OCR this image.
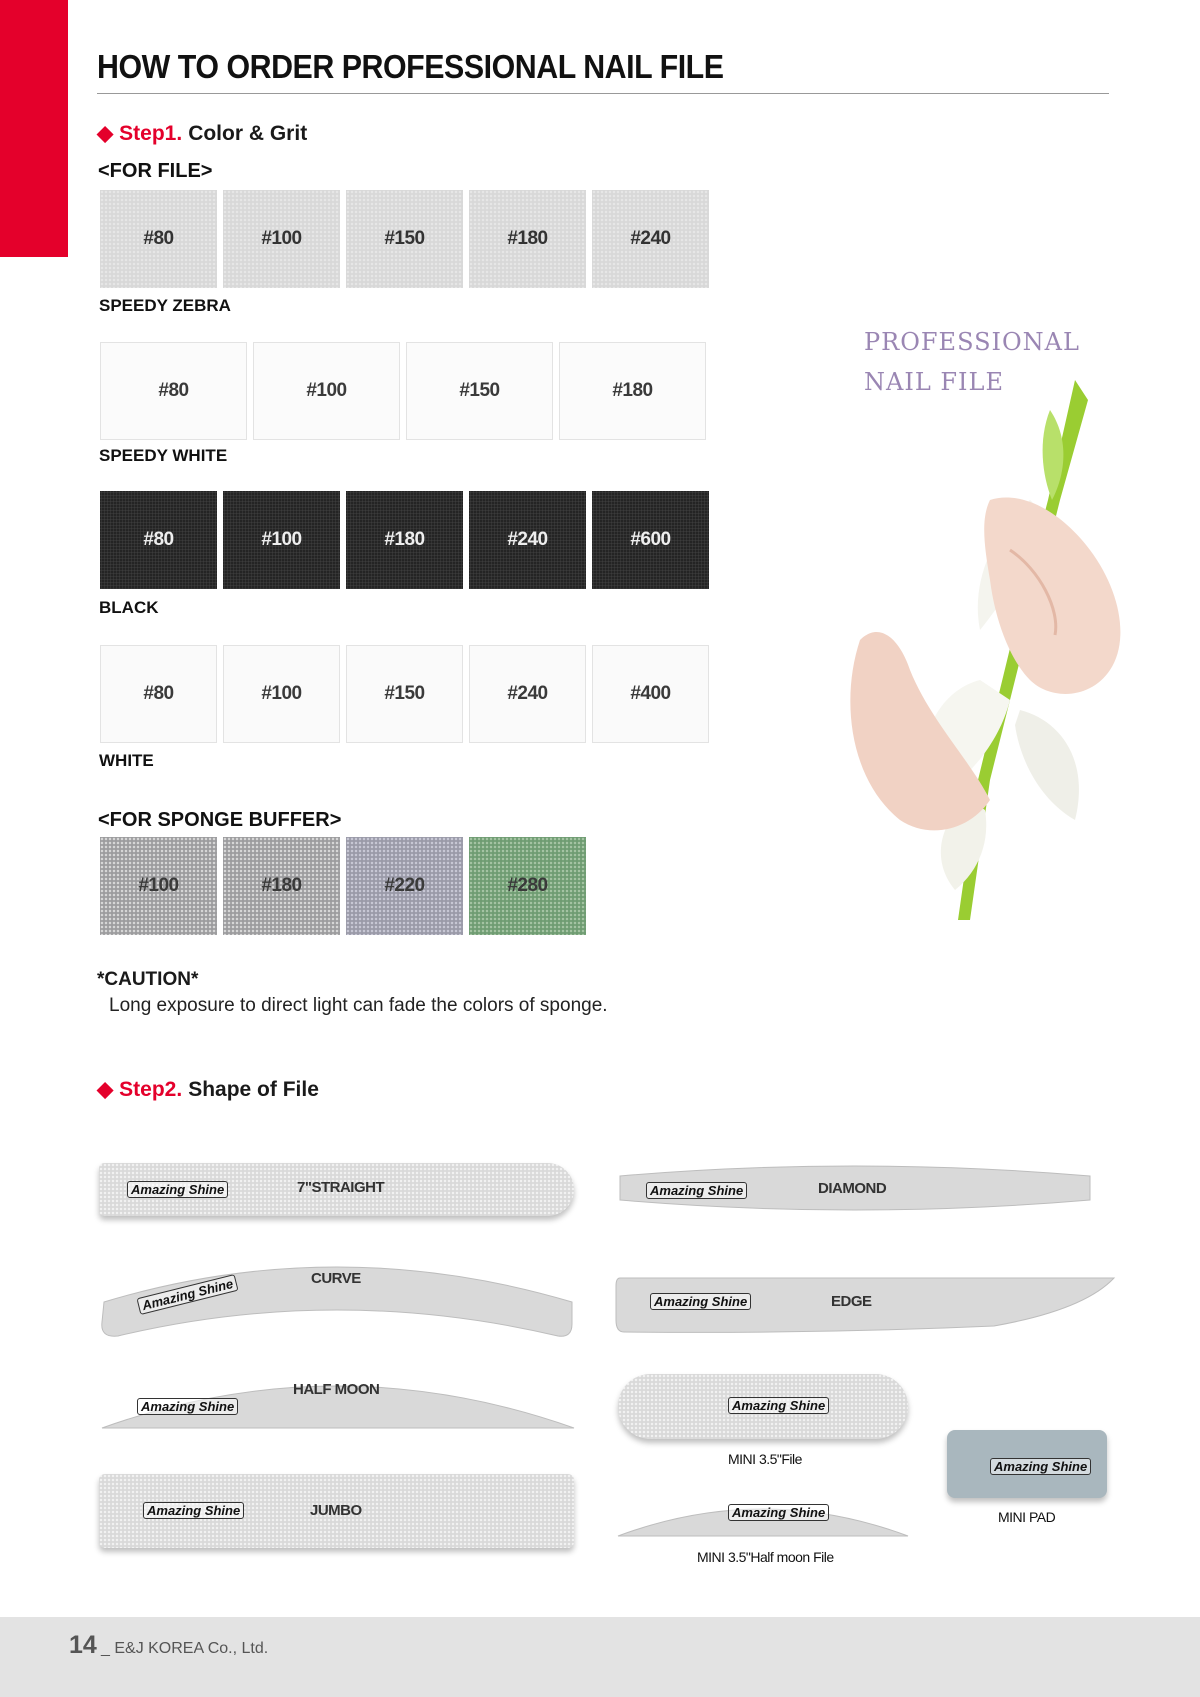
HOW TO ORDER PROFESSIONAL NAIL FILE
◆ Step1. Color & Grit
<FOR FILE>
#80	#100	#150	#180	#240
SPEEDY ZEBRA
#80	#100	#150	#180
SPEEDY WHITE
#80	#100	#180	#240	#600
BLACK
#80	#100	#150	#240	#400
WHITE
<FOR SPONGE BUFFER>
#100	#180	#220	#280
*CAUTION*
Long exposure to direct light can fade the colors of sponge.
PROFESSIONAL
NAIL FILE
◆ Step2. Shape of File
Amazing Shine	7"STRAIGHT
Amazing Shine	CURVE
Amazing Shine
HALF MOON
Amazing Shine	JUMBO
Amazing Shine	DIAMOND
Amazing Shine	EDGE
Amazing Shine
MINI 3.5"File
Amazing Shine
MINI 3.5"Half moon File
Amazing Shine
MINI PAD
14 _ E&J KOREA Co., Ltd.
